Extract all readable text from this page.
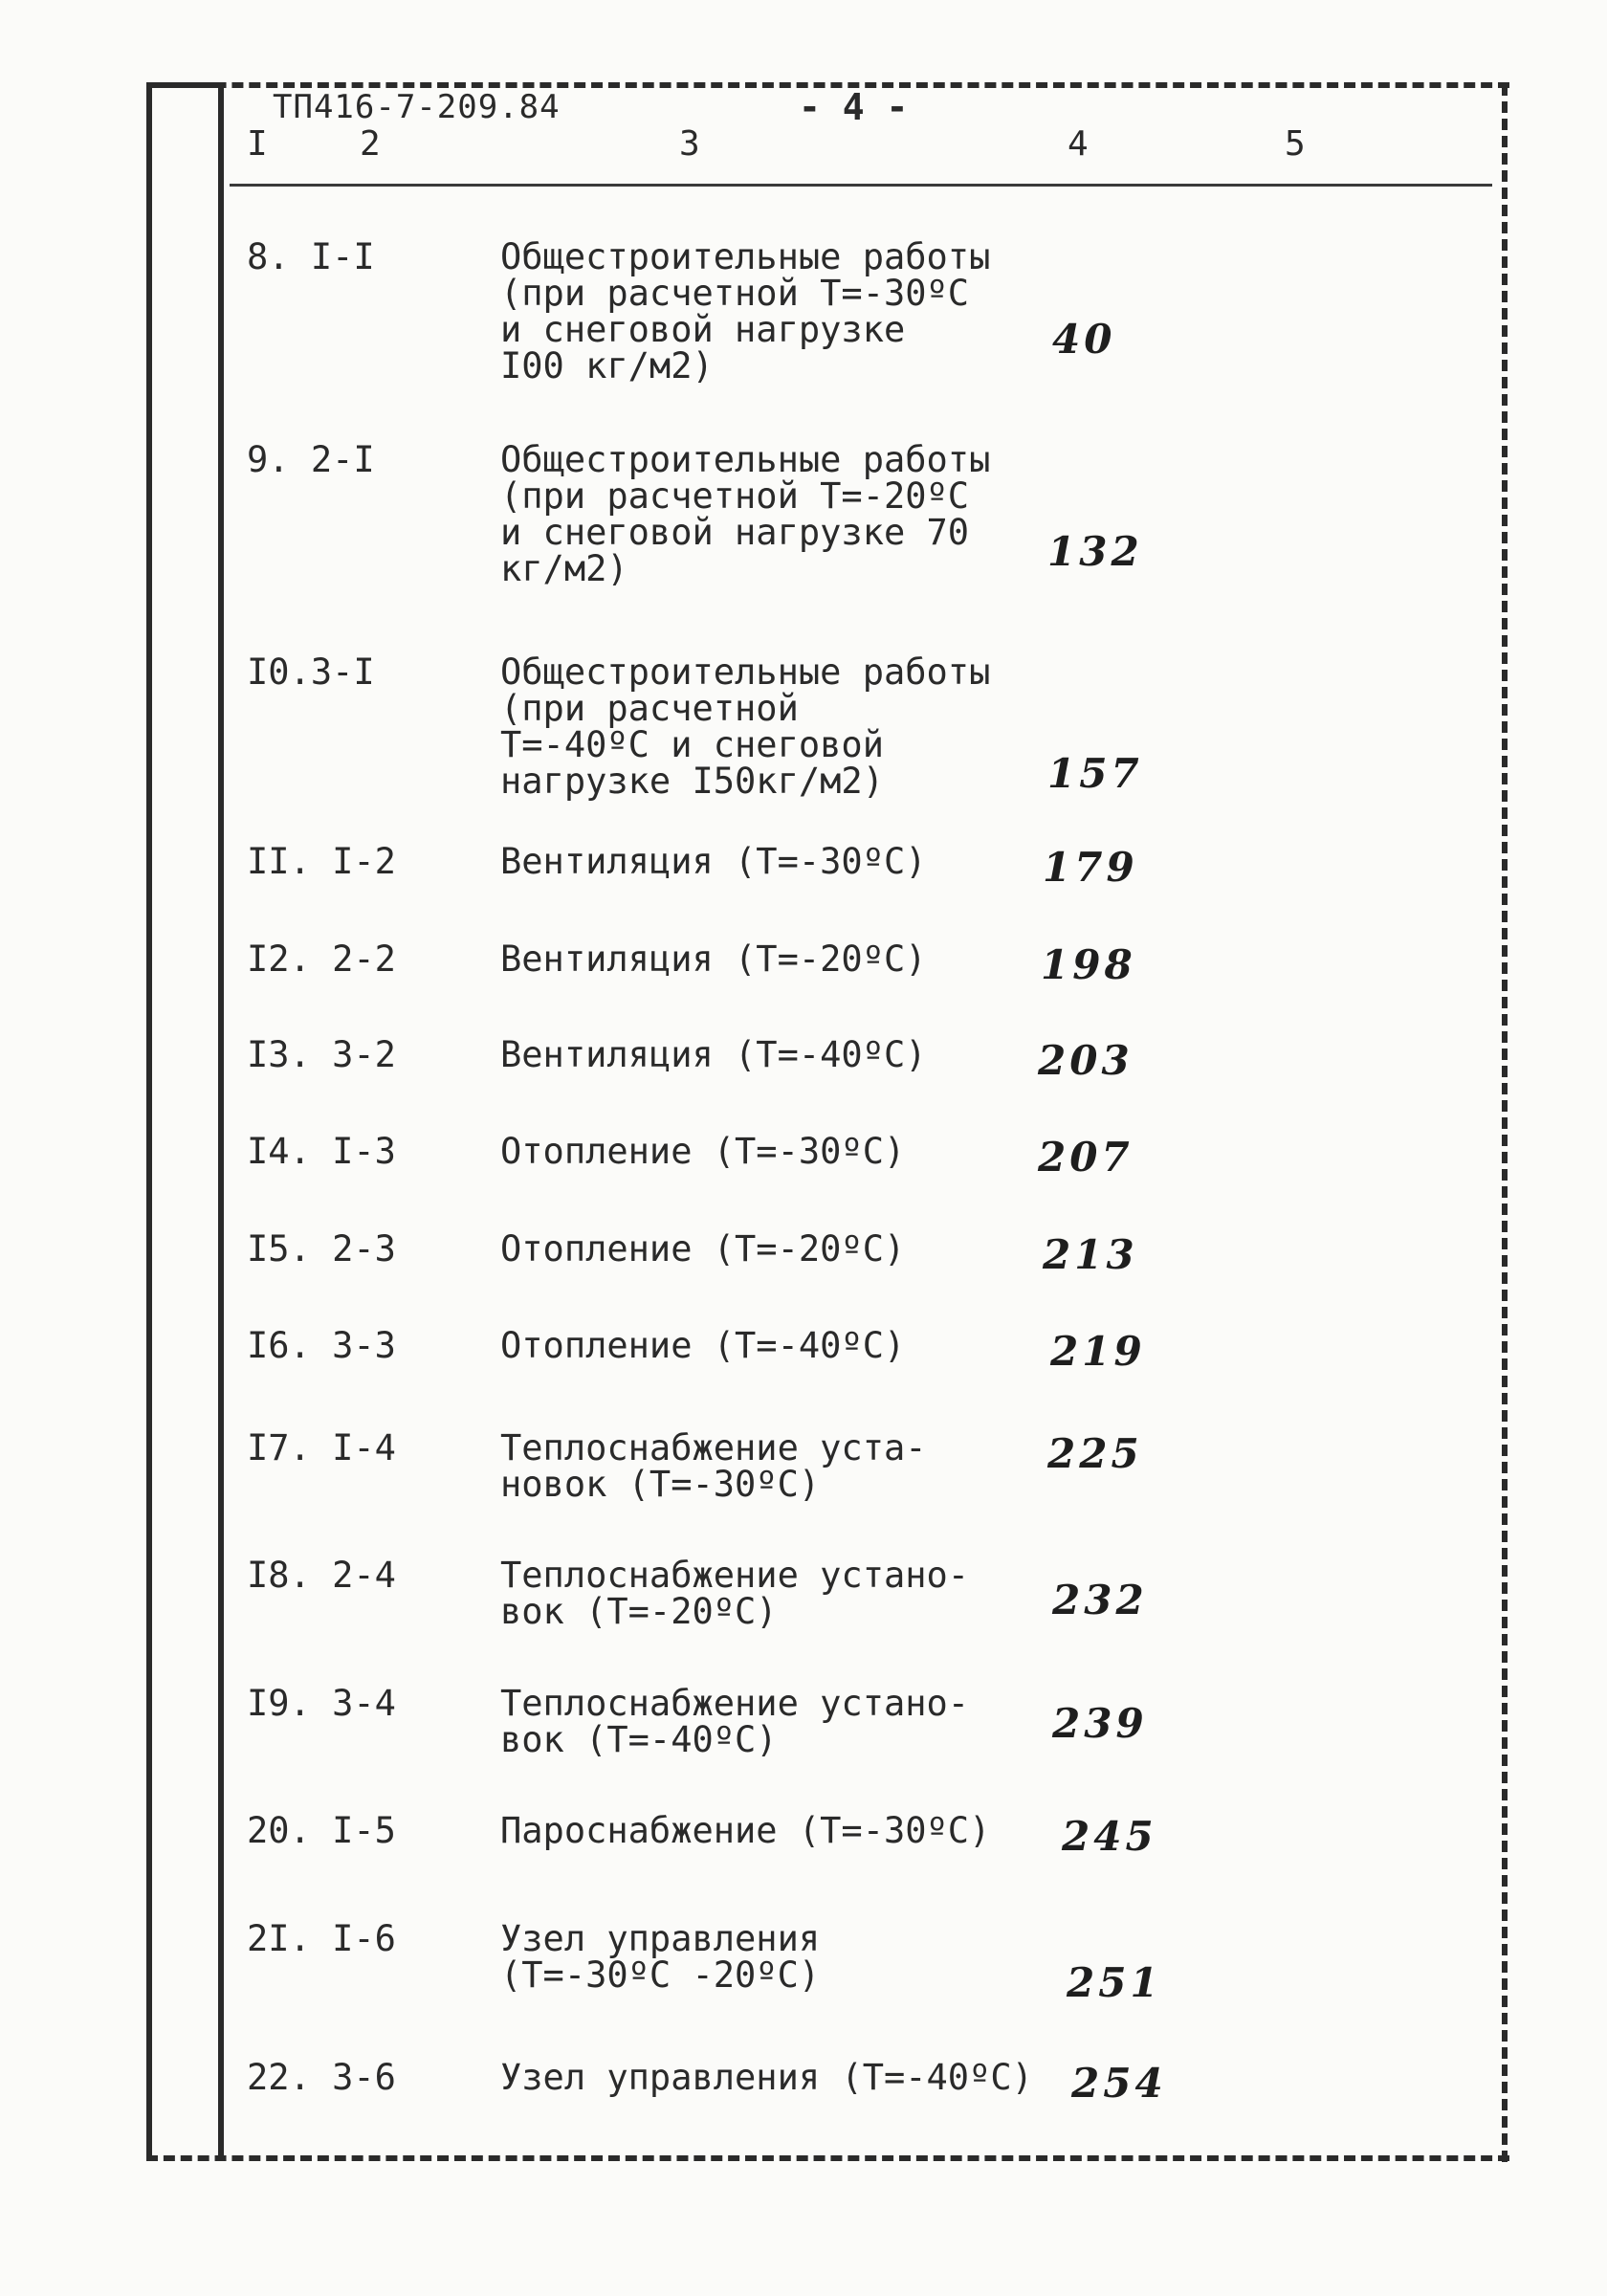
ТП416-7-209.84	- 4 -
I	2	3	4	5
8. I-I	Общестроительные работы
(при расчетной Т=-30ºС
и снеговой нагрузке
I00 кг/м2)
40
9. 2-I	Общестроительные работы
(при расчетной Т=-20ºС
и снеговой нагрузке 70
кг/м2)	132
I0.3-I	Общестроительные работы
(при расчетной
Т=-40ºС и снеговой
нагрузке I50кг/м2)	157
II. I-2	Вентиляция (Т=-30ºС)	179
I2. 2-2	Вентиляция (Т=-20ºС)	198
I3. 3-2	Вентиляция (Т=-40ºС)	203
I4. I-3	Отопление (Т=-30ºС)	207
I5. 2-3	Отопление (Т=-20ºС)	213
I6. 3-3	Отопление (Т=-40ºС)	219
I7. I-4	Теплоснабжение уста-
новок (Т=-30ºС)
225
I8. 2-4	Теплоснабжение устано-
вок (Т=-20ºС)	232
I9. 3-4	Теплоснабжение устано-
вок (Т=-40ºС)	239
20. I-5	Пароснабжение (Т=-30ºС)	245
2I. I-6	Узел управления
(Т=-30ºС -20ºС)	251
22. 3-6	Узел управления (Т=-40ºС) 254
